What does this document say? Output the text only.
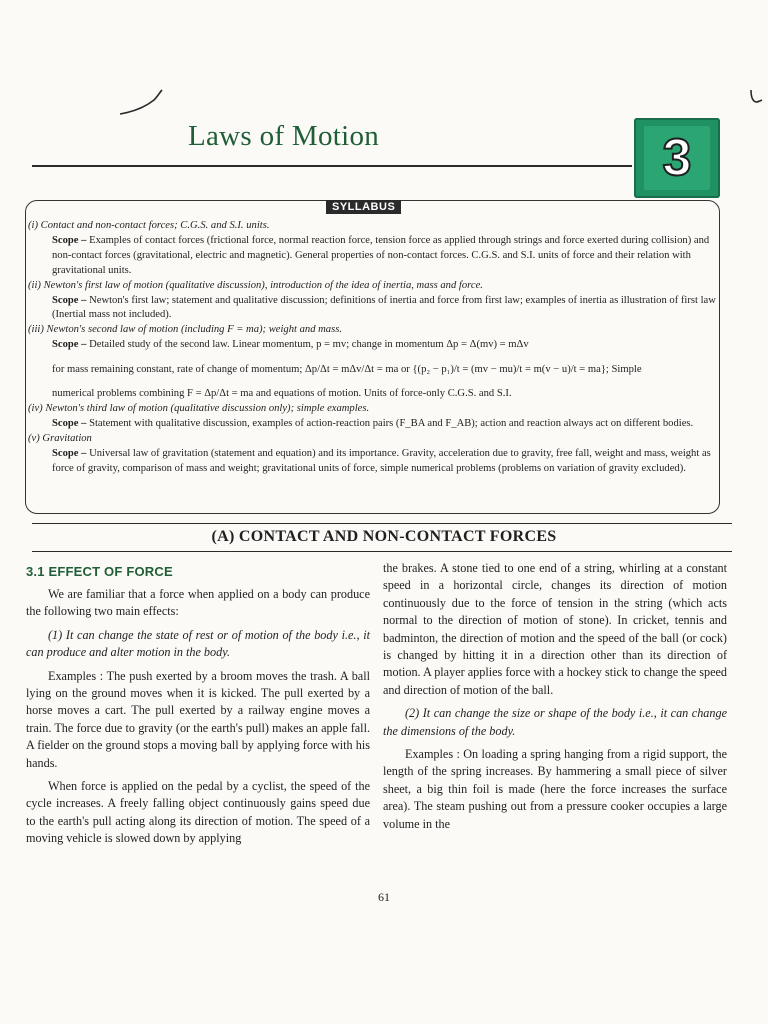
Laws of Motion	3
SYLLABUS

(i) Contact and non-contact forces; C.G.S. and S.I. units.

Scope – Examples of contact forces (frictional force, normal reaction force, tension force as applied through strings and force exerted during collision) and non-contact forces (gravitational, electric and magnetic). General properties of non-contact forces. C.G.S. and S.I. units of force and their relation with gravitational units.

(ii) Newton's first law of motion (qualitative discussion), introduction of the idea of inertia, mass and force.

Scope – Newton's first law; statement and qualitative discussion; definitions of inertia and force from first law; examples of inertia as illustration of first law (Inertial mass not included).

(iii) Newton's second law of motion (including F = ma); weight and mass.

Scope – Detailed study of the second law. Linear momentum, p = mv; change in momentum Δp = Δ(mv) = mΔv

for mass remaining constant, rate of change of momentum; Δp/Δt = mΔv/Δt = ma or {(p₂ − p₁)/t = (mv − mu)/t = m(v − u)/t = ma}; Simple

numerical problems combining F = Δp/Δt = ma and equations of motion. Units of force-only C.G.S. and S.I.

(iv) Newton's third law of motion (qualitative discussion only); simple examples.

Scope – Statement with qualitative discussion, examples of action-reaction pairs (F_BA and F_AB); action and reaction always act on different bodies.

(v) Gravitation

Scope – Universal law of gravitation (statement and equation) and its importance. Gravity, acceleration due to gravity, free fall, weight and mass, weight as force of gravity, comparison of mass and weight; gravitational units of force, simple numerical problems (problems on variation of gravity excluded).

(A) CONTACT AND NON-CONTACT FORCES
3.1 EFFECT OF FORCE

We are familiar that a force when applied on a body can produce the following two main effects:

(1) It can change the state of rest or of motion of the body i.e., it can produce and alter motion in the body.

Examples : The push exerted by a broom moves the trash. A ball lying on the ground moves when it is kicked. The pull exerted by a horse moves a cart. The pull exerted by a railway engine moves a train. The force due to gravity (or the earth's pull) makes an apple fall. A fielder on the ground stops a moving ball by applying force with his hands.

When force is applied on the pedal by a cyclist, the speed of the cycle increases. A freely falling object continuously gains speed due to the earth's pull acting along its direction of motion. The speed of a moving vehicle is slowed down by applying

the brakes. A stone tied to one end of a string, whirling at a constant speed in a horizontal circle, changes its direction of motion continuously due to the force of tension in the string (which acts normal to the direction of motion of stone). In cricket, tennis and badminton, the direction of motion and the speed of the ball (or cock) is changed by hitting it in a direction other than its direction of motion. A player applies force with a hockey stick to change the speed and direction of motion of the ball.

(2) It can change the size or shape of the body i.e., it can change the dimensions of the body.

Examples : On loading a spring hanging from a rigid support, the length of the spring increases. By hammering a small piece of silver sheet, a big thin foil is made (here the force increases the surface area). The steam pushing out from a pressure cooker occupies a large volume in the

61
